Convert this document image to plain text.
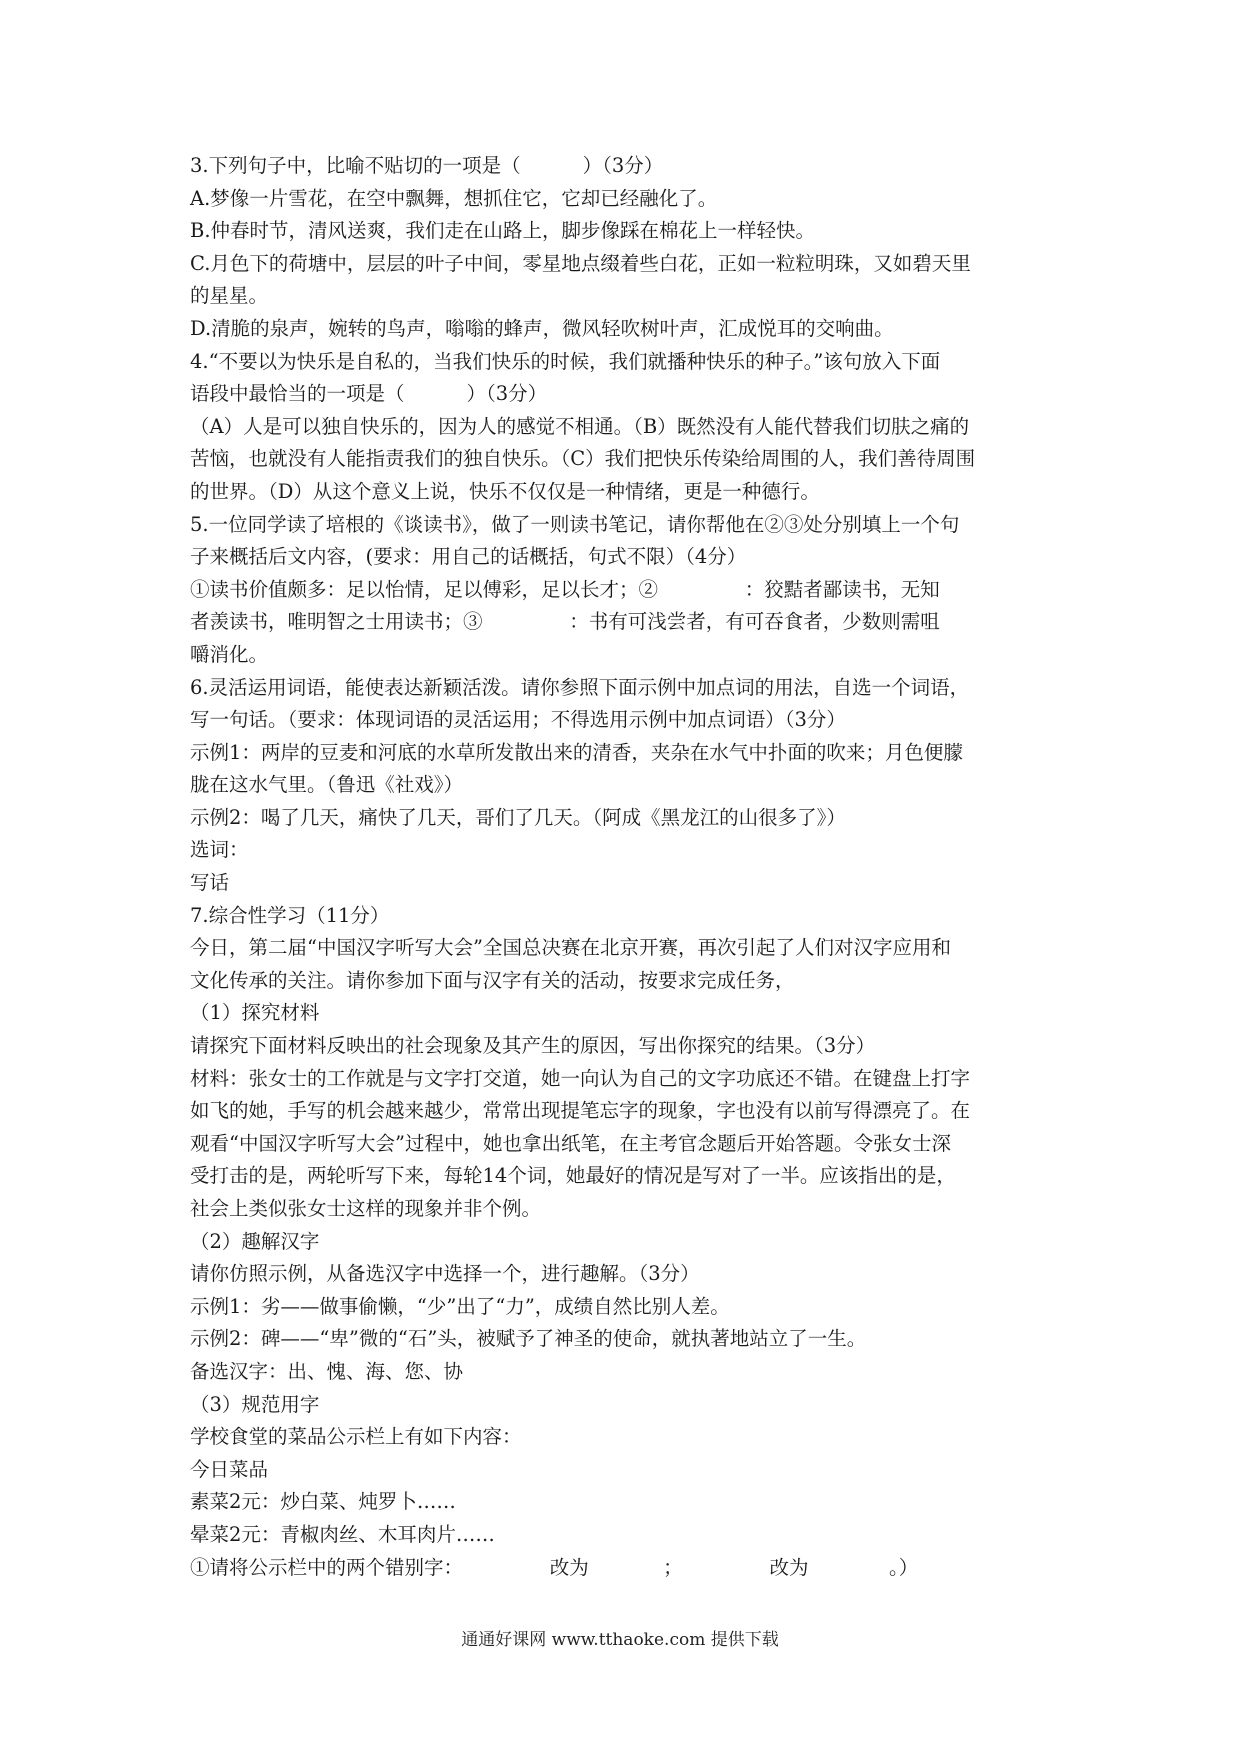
3.下列句子中，比喻不贴切的一项是（          ）（3分）
A.梦像一片雪花，在空中飘舞，想抓住它，它却已经融化了。
B.仲春时节，清风送爽，我们走在山路上，脚步像踩在棉花上一样轻快。
C.月色下的荷塘中，层层的叶子中间，零星地点缀着些白花，正如一粒粒明珠，又如碧天里
的星星。
D.清脆的泉声，婉转的鸟声，嗡嗡的蜂声，微风轻吹树叶声，汇成悦耳的交响曲。
4.“不要以为快乐是自私的，当我们快乐的时候，我们就播种快乐的种子。”该句放入下面
语段中最恰当的一项是（          ）（3分）
（A）人是可以独自快乐的，因为人的感觉不相通。（B）既然没有人能代替我们切肤之痛的
苦恼，也就没有人能指责我们的独自快乐。（C）我们把快乐传染给周围的人，我们善待周围
的世界。（D）从这个意义上说，快乐不仅仅是一种情绪，更是一种德行。
5.一位同学读了培根的《谈读书》，做了一则读书笔记，请你帮他在②③处分别填上一个句
子来概括后文内容，(要求：用自己的话概括，句式不限）（4分）
①读书价值颇多：足以怡情，足以傅彩，足以长才；②              ：狡黠者鄙读书，无知
者羡读书，唯明智之士用读书；③              ：书有可浅尝者，有可吞食者，少数则需咀
嚼消化。
6.灵活运用词语，能使表达新颖活泼。请你参照下面示例中加点词的用法，自选一个词语，
写一句话。（要求：体现词语的灵活运用；不得选用示例中加点词语）（3分）
示例1：两岸的豆麦和河底的水草所发散出来的清香，夹杂在水气中扑面的吹来；月色便朦
胧在这水气里。（鲁迅《社戏》）
示例2：喝了几天，痛快了几天，哥们了几天。（阿成《黑龙江的山很多了》）
选词：
写话
7.综合性学习（11分）
今日，第二届“中国汉字听写大会”全国总决赛在北京开赛，再次引起了人们对汉字应用和
文化传承的关注。请你参加下面与汉字有关的活动，按要求完成任务，
（1）探究材料
请探究下面材料反映出的社会现象及其产生的原因，写出你探究的结果。（3分）
材料：张女士的工作就是与文字打交道，她一向认为自己的文字功底还不错。在键盘上打字
如飞的她，手写的机会越来越少，常常出现提笔忘字的现象，字也没有以前写得漂亮了。在
观看“中国汉字听写大会”过程中，她也拿出纸笔，在主考官念题后开始答题。令张女士深
受打击的是，两轮听写下来，每轮14个词，她最好的情况是写对了一半。应该指出的是，
社会上类似张女士这样的现象并非个例。
（2）趣解汉字
请你仿照示例，从备选汉字中选择一个，进行趣解。（3分）
示例1：劣——做事偷懒，“少”出了“力”，成绩自然比别人差。
示例2：碑——“卑”微的“石”头，被赋予了神圣的使命，就执著地站立了一生。
备选汉字：出、愧、海、您、协
（3）规范用字
学校食堂的菜品公示栏上有如下内容：
今日菜品
素菜2元：炒白菜、炖罗卜……
晕菜2元：青椒肉丝、木耳肉片……
①请将公示栏中的两个错别字：              改为            ；              改为             。）
通通好课网 www.tthaoke.com 提供下载
